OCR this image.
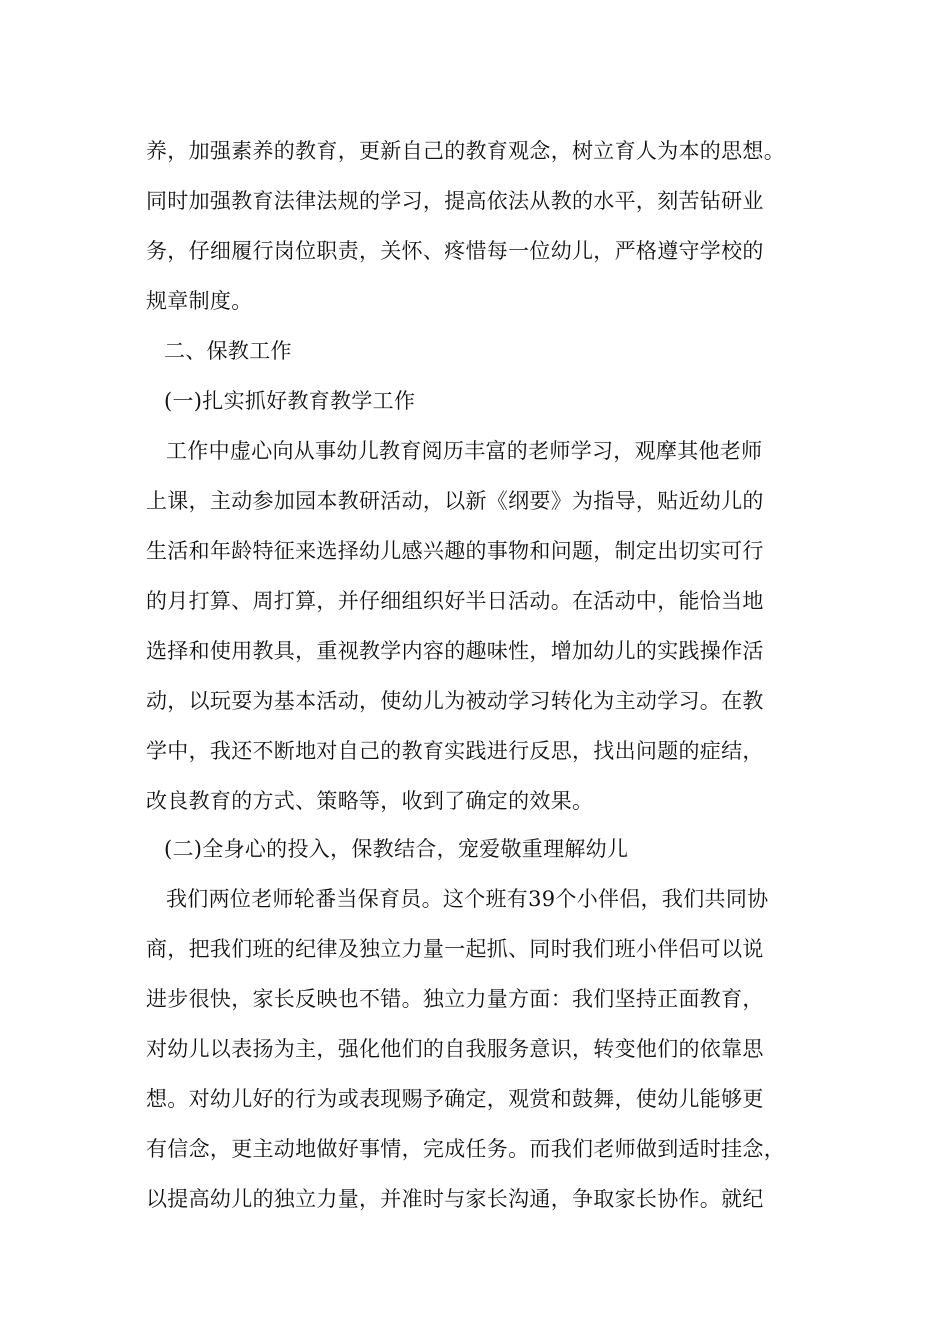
养，加强素养的教育，更新自己的教育观念，树立育人为本的思想。
同时加强教育法律法规的学习，提高依法从教的水平，刻苦钻研业
务，仔细履行岗位职责，关怀、疼惜每一位幼儿，严格遵守学校的
规章制度。
二、保教工作
(一)扎实抓好教育教学工作
工作中虚心向从事幼儿教育阅历丰富的老师学习，观摩其他老师
上课，主动参加园本教研活动，以新《纲要》为指导，贴近幼儿的
生活和年龄特征来选择幼儿感兴趣的事物和问题，制定出切实可行
的月打算、周打算，并仔细组织好半日活动。在活动中，能恰当地
选择和使用教具，重视教学内容的趣味性，增加幼儿的实践操作活
动，以玩耍为基本活动，使幼儿为被动学习转化为主动学习。在教
学中，我还不断地对自己的教育实践进行反思，找出问题的症结，
改良教育的方式、策略等，收到了确定的效果。
(二)全身心的投入，保教结合，宠爱敬重理解幼儿
我们两位老师轮番当保育员。这个班有39个小伴侣，我们共同协
商，把我们班的纪律及独立力量一起抓、同时我们班小伴侣可以说
进步很快，家长反映也不错。独立力量方面：我们坚持正面教育，
对幼儿以表扬为主，强化他们的自我服务意识，转变他们的依靠思
想。对幼儿好的行为或表现赐予确定，观赏和鼓舞，使幼儿能够更
有信念，更主动地做好事情，完成任务。而我们老师做到适时挂念，
以提高幼儿的独立力量，并准时与家长沟通，争取家长协作。就纪
